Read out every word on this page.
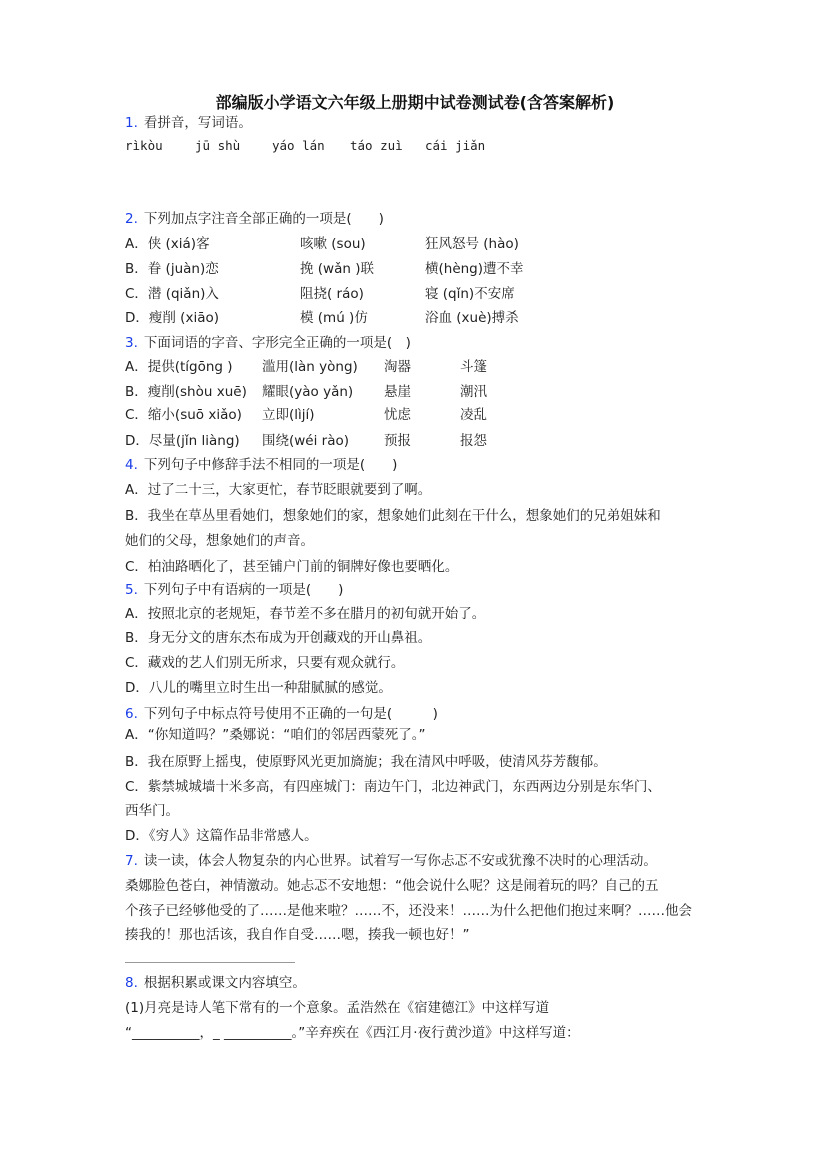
部编版小学语文六年级上册期中试卷测试卷(含答案解析)
1. 看拼音，写词语。
rìkòu	jū shù	yáo lán táo zuì cái jiǎn
2. 下列加点字注音全部正确的一项是(　　)
A．侠 (xiá)客	咳嗽 (sou)	狂风怒号 (hào)
B．眷 (juàn)恋	挽 (wǎn )联	横(hèng)遭不幸
C．潜 (qiǎn)入	阻挠( ráo)	寝 (qǐn)不安席
D．瘦削 (xiāo)	模 (mú )仿	浴血 (xuè)搏杀
3. 下面词语的字音、字形完全正确的一项是(　)
A．提供(tígōng ) 滥用(làn yòng) 淘器	斗篷
B．瘦削(shòu xuē) 耀眼(yào yǎn) 悬崖	潮汛
C．缩小(suō xiǎo) 立即(lìjí)	忧虑	凌乱
D．尽量(jǐn liàng) 围绕(wéi rào)	预报	报怨
4. 下列句子中修辞手法不相同的一项是(　　)
A．过了二十三，大家更忙，春节眨眼就要到了啊。
B．我坐在草丛里看她们，想象她们的家，想象她们此刻在干什么，想象她们的兄弟姐妹和
她们的父母，想象她们的声音。
C．柏油路晒化了，甚至铺户门前的铜牌好像也要晒化。
5. 下列句子中有语病的一项是(　　)
A．按照北京的老规矩，春节差不多在腊月的初旬就开始了。
B．身无分文的唐东杰布成为开创藏戏的开山鼻祖。
C．藏戏的艺人们别无所求，只要有观众就行。
D．八儿的嘴里立时生出一种甜腻腻的感觉。
6. 下列句子中标点符号使用不正确的一句是(　　　)
A．“你知道吗？”桑娜说：“咱们的邻居西蒙死了。”
B．我在原野上摇曳，使原野风光更加旖旎；我在清风中呼吸，使清风芬芳馥郁。
C．紫禁城城墙十米多高，有四座城门：南边午门，北边神武门，东西两边分别是东华门、
西华门。
D．《穷人》这篇作品非常感人。
7. 读一读，体会人物复杂的内心世界。试着写一写你忐忑不安或犹豫不决时的心理活动。
桑娜脸色苍白，神情激动。她忐忑不安地想：“他会说什么呢？这是闹着玩的吗？自己的五
个孩子已经够他受的了……是他来啦？……不，还没来！……为什么把他们抱过来啊？……他会
揍我的！那也活该，我自作自受……嗯，揍我一顿也好！”
8. 根据积累或课文内容填空。
(1)月亮是诗人笔下常有的一个意象。孟浩然在《宿建德江》中这样写道
“__________，_ __________。”辛弃疾在《西江月·夜行黄沙道》中这样写道：
